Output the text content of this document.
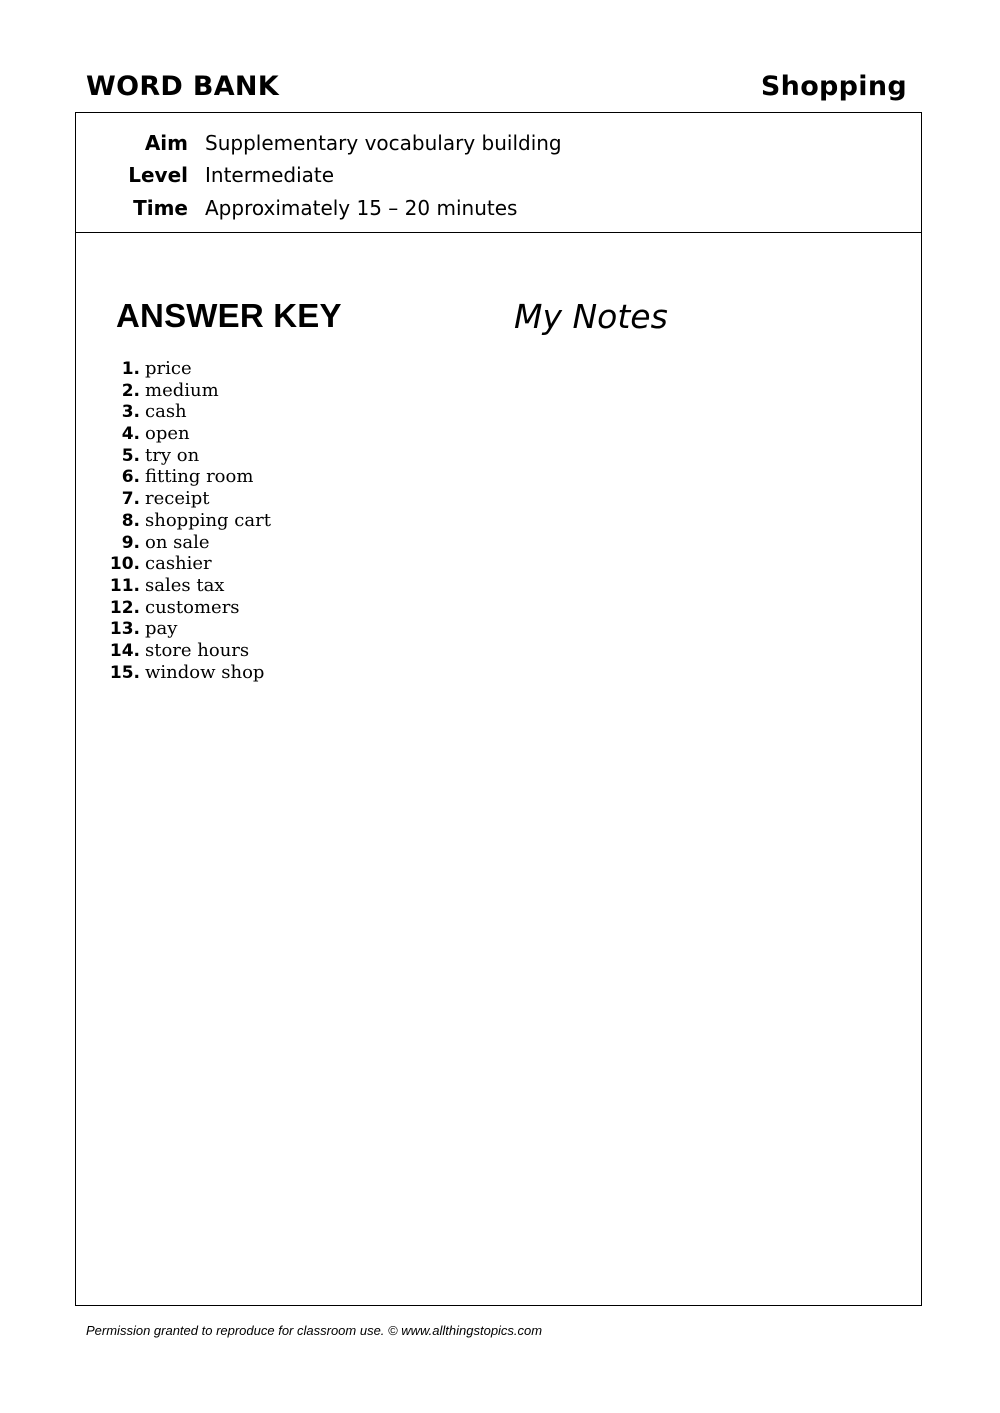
WORD BANK	Shopping
Aim Supplementary vocabulary building
Level Intermediate
Time Approximately 15 – 20 minutes
ANSWER KEY	My Notes
1. price
2. medium
3. cash
4. open
5. try on
6. fitting room
7. receipt
8. shopping cart
9. on sale
10. cashier
11. sales tax
12. customers
13. pay
14. store hours
15. window shop
Permission granted to reproduce for classroom use. © www.allthingstopics.com
